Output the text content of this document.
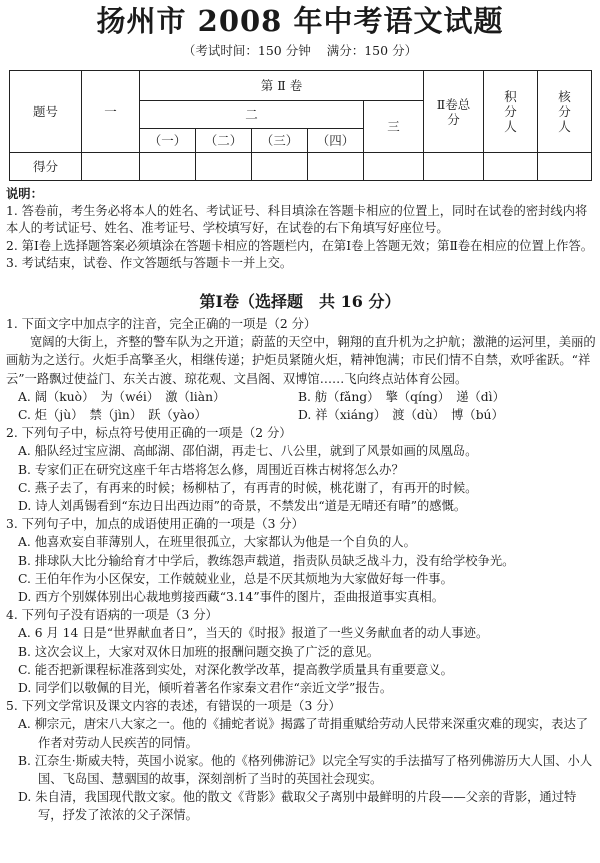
扬州市 2008 年中考语文试题
（考试时间：150 分钟 满分：150 分）
题号	一	第 Ⅱ 卷					Ⅱ卷总分	积分人	核分人
		二				三			
		（一）	（二）	（三）	（四）				
得分									

说明：

1. 答卷前，考生务必将本人的姓名、考试证号、科目填涂在答题卡相应的位置上，同时在试卷的密封线内将本人的考试证号、姓名、准考证号、学校填写好，在试卷的右下角填写好座位号。

2. 第Ⅰ卷上选择题答案必须填涂在答题卡相应的答题栏内，在第Ⅰ卷上答题无效；第Ⅱ卷在相应的位置上作答。

3. 考试结束，试卷、作文答题纸与答题卡一并上交。

第Ⅰ卷（选择题　共 16 分）

1. 下面文字中加点字的注音，完全正确的一项是（2 分）

宽阔的大街上，齐整的警车队为之开道；蔚蓝的天空中，翱翔的直升机为之护航；激滟的运河里，美丽的画舫为之送行。火炬手高擎圣火，相继传递；护炬员紧随火炬，精神饱满；市民们情不自禁，欢呼雀跃。“祥云”一路飘过使益门、东关古渡、琼花观、文昌阁、双博馆……飞向终点站体育公园。

A. 阔（kuò）　为（wéi）　激（liàn）	B. 舫（fǎng）　擎（qíng）　递（dì）
C. 炬（jù）　禁（jìn）　跃（yào）	D. 祥（xiáng）　渡（dù）　博（bú）

2. 下列句子中，标点符号使用正确的一项是（2 分）

A. 船队经过宝应湖、高邮湖、邵伯湖，再走七、八公里，就到了风景如画的凤凰岛。

B. 专家们正在研究这座千年古塔将怎么修，周围近百株古树将怎么办？

C. 燕子去了，有再来的时候；杨柳枯了，有再青的时候，桃花谢了，有再开的时候。

D. 诗人刘禹锡看到“东边日出西边雨”的奇景，不禁发出“道是无晴还有晴”的感慨。

3. 下列句子中，加点的成语使用正确的一项是（3 分）

A. 他喜欢妄自菲薄别人，在班里很孤立，大家都认为他是一个自负的人。

B. 排球队大比分输给育才中学后，教练怨声载道，指责队员缺乏战斗力，没有给学校争光。

C. 王伯年作为小区保安，工作兢兢业业，总是不厌其烦地为大家做好每一件事。

D. 西方个别媒体别出心裁地剪接西藏“3.14”事件的图片，歪曲报道事实真相。

4. 下列句子没有语病的一项是（3 分）

A. 6 月 14 日是“世界献血者日”，当天的《时报》报道了一些义务献血者的动人事迹。

B. 这次会议上，大家对双休日加班的报酬问题交换了广泛的意见。

C. 能否把新课程标准落到实处，对深化教学改革，提高教学质量具有重要意义。

D. 同学们以敬佩的目光，倾听着著名作家秦文君作“亲近文学”报告。

5. 下列文学常识及课文内容的表述，有错误的一项是（3 分）

A. 柳宗元，唐宋八大家之一。他的《捕蛇者说》揭露了苛捐重赋给劳动人民带来深重灾难的现实，表达了作者对劳动人民疾苦的同情。

B. 江奈生·斯威夫特，英国小说家。他的《格列佛游记》以完全写实的手法描写了格列佛游历大人国、小人国、飞岛国、慧骃国的故事，深刻剖析了当时的英国社会现实。

D. 朱自清，我国现代散文家。他的散文《背影》截取父子离别中最鲜明的片段——父亲的背影，通过特写，抒发了浓浓的父子深情。
